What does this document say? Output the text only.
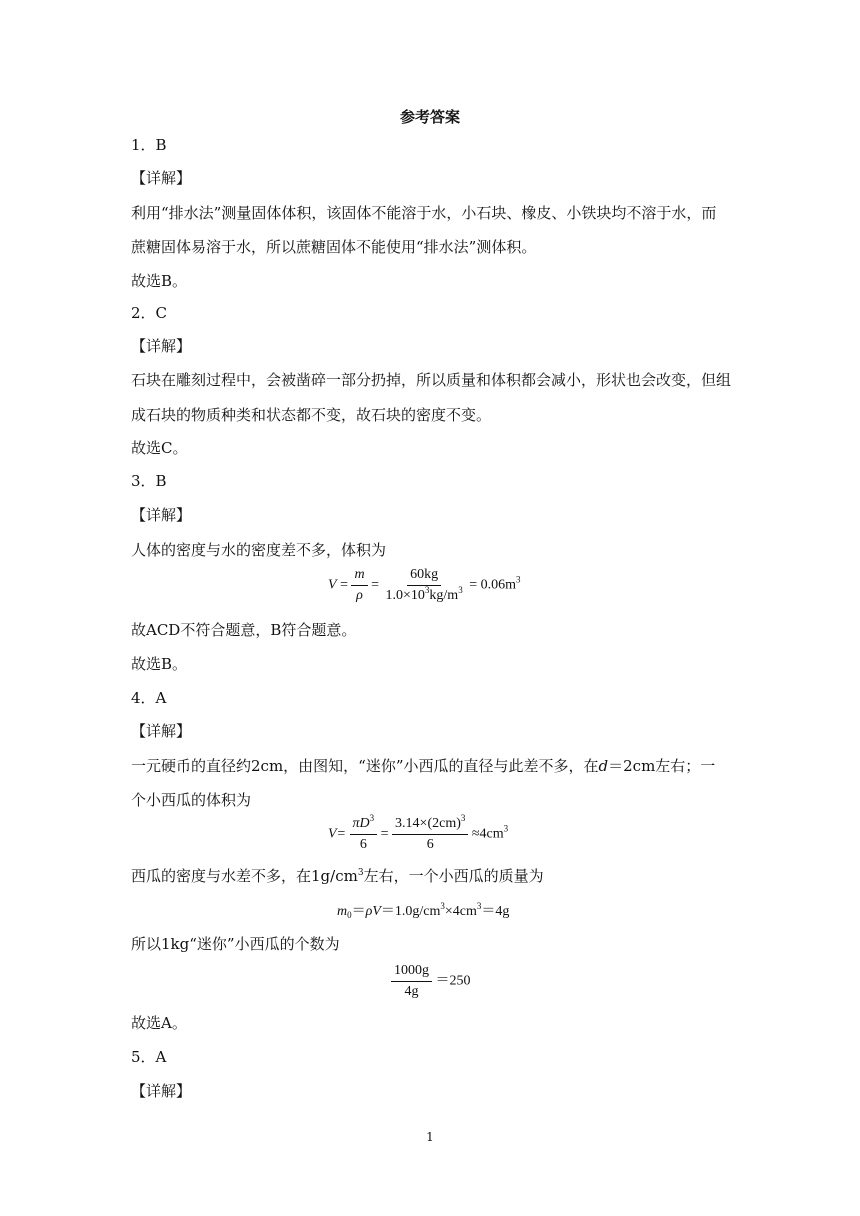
参考答案
1．B
【详解】
利用“排水法”测量固体体积，该固体不能溶于水，小石块、橡皮、小铁块均不溶于水，而
蔗糖固体易溶于水，所以蔗糖固体不能使用“排水法”测体积。
故选B。
2．C
【详解】
石块在雕刻过程中，会被凿碎一部分扔掉，所以质量和体积都会减小，形状也会改变，但组
成石块的物质种类和状态都不变，故石块的密度不变。
故选C。
3．B
【详解】
人体的密度与水的密度差不多，体积为
$V = \frac{m}{\rho} = \frac{60kg}{1.0\times 10^3kg/m^3} = 0.06m^3$
故ACD不符合题意，B符合题意。
故选B。
4．A
【详解】
一元硬币的直径约2cm，由图知，“迷你”小西瓜的直径与此差不多，在d＝2cm左右；一
个小西瓜的体积为
$V= \frac{\pi D^3}{6} = \frac{3.14\times(2cm)^3}{6} \approx 4cm^3$
西瓜的密度与水差不多，在$1g/cm^3$左右，一个小西瓜的质量为
$m_0=\rho V=1.0g/cm^3\times 4cm^3=4g$
所以1kg“迷你”小西瓜的个数为
$\frac{1000g}{4g} =250$
故选A。
5．A
【详解】
1
